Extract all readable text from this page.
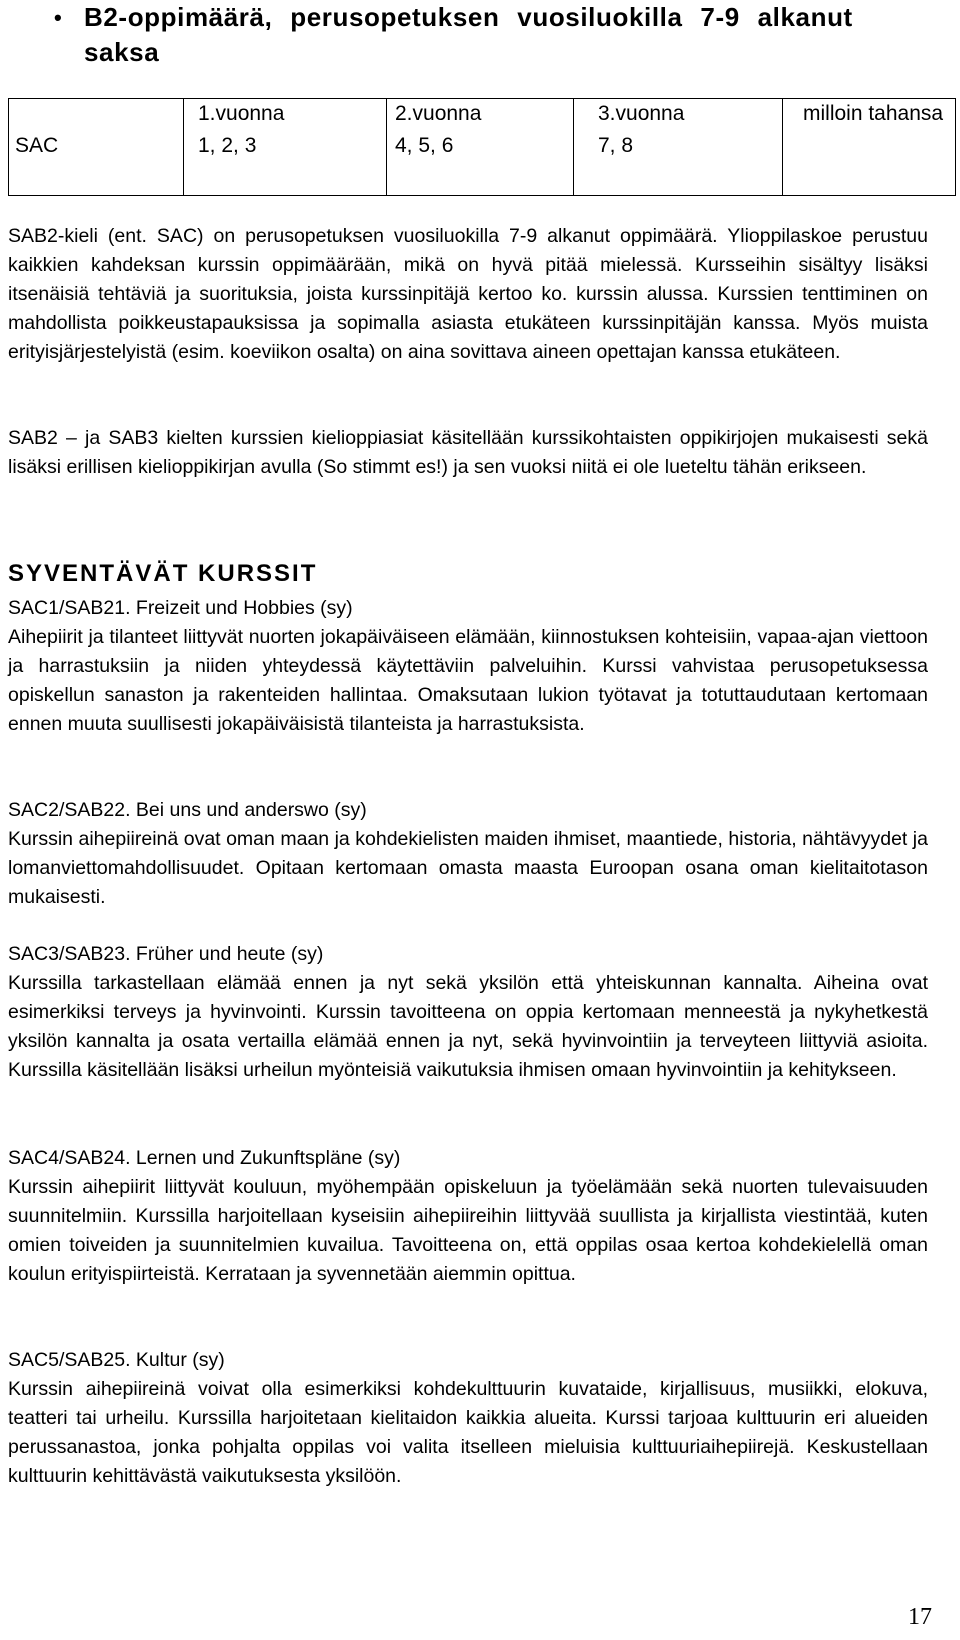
• B2-oppimäärä, perusopetuksen vuosiluokilla 7-9 alkanut saksa
	1.vuonna	2.vuonna	3.vuonna	milloin tahansa
SAC	1, 2, 3	4, 5, 6	7, 8	

SAB2-kieli (ent. SAC) on perusopetuksen vuosiluokilla 7-9 alkanut oppimäärä. Ylioppilaskoe perustuu kaikkien kahdeksan kurssin oppimäärään, mikä on hyvä pitää mielessä. Kursseihin sisältyy lisäksi itsenäisiä tehtäviä ja suorituksia, joista kurssinpitäjä kertoo ko. kurssin alussa. Kurssien tenttiminen on mahdollista poikkeustapauksissa ja sopimalla asiasta etukäteen kurssinpitäjän kanssa. Myös muista erityisjärjestelyistä (esim. koeviikon osalta) on aina sovittava aineen opettajan kanssa etukäteen.

SAB2 – ja SAB3 kielten kurssien kielioppiasiat käsitellään kurssikohtaisten oppikirjojen mukaisesti sekä lisäksi erillisen kielioppikirjan avulla (So stimmt es!) ja sen vuoksi niitä ei ole lueteltu tähän erikseen.

SYVENTÄVÄT KURSSIT
SAC1/SAB21. Freizeit und Hobbies (sy)
Aihepiirit ja tilanteet liittyvät nuorten jokapäiväiseen elämään, kiinnostuksen kohteisiin, vapaa-ajan viettoon ja harrastuksiin ja niiden yhteydessä käytettäviin palveluihin. Kurssi vahvistaa perusopetuksessa opiskellun sanaston ja rakenteiden hallintaa. Omaksutaan lukion työtavat ja totuttaudutaan kertomaan ennen muuta suullisesti jokapäiväisistä tilanteista ja harrastuksista.
SAC2/SAB22. Bei uns und anderswo (sy)
Kurssin aihepiireinä ovat oman maan ja kohdekielisten maiden ihmiset, maantiede, historia, nähtävyydet ja lomanviettomahdollisuudet. Opitaan kertomaan omasta maasta Euroopan osana oman kielitaitotason mukaisesti.
SAC3/SAB23. Früher und heute (sy)
Kurssilla tarkastellaan elämää ennen ja nyt sekä yksilön että yhteiskunnan kannalta. Aiheina ovat esimerkiksi terveys ja hyvinvointi. Kurssin tavoitteena on oppia kertomaan menneestä ja nykyhetkestä yksilön kannalta ja osata vertailla elämää ennen ja nyt, sekä hyvinvointiin ja terveyteen liittyviä asioita. Kurssilla käsitellään lisäksi urheilun myönteisiä vaikutuksia ihmisen omaan hyvinvointiin ja kehitykseen.
SAC4/SAB24. Lernen und Zukunftspläne (sy)
Kurssin aihepiirit liittyvät kouluun, myöhempään opiskeluun ja työelämään sekä nuorten tulevaisuuden suunnitelmiin. Kurssilla harjoitellaan kyseisiin aihepiireihin liittyvää suullista ja kirjallista viestintää, kuten omien toiveiden ja suunnitelmien kuvailua. Tavoitteena on, että oppilas osaa kertoa kohdekielellä oman koulun erityispiirteistä. Kerrataan ja syvennetään aiemmin opittua.
SAC5/SAB25. Kultur (sy)
Kurssin aihepiireinä voivat olla esimerkiksi kohdekulttuurin kuvataide, kirjallisuus, musiikki, elokuva, teatteri tai urheilu. Kurssilla harjoitetaan kielitaidon kaikkia alueita. Kurssi tarjoaa kulttuurin eri alueiden perussanastoa, jonka pohjalta oppilas voi valita itselleen mieluisia kulttuuriaihepiirejä. Keskustellaan kulttuurin kehittävästä vaikutuksesta yksilöön.
17
